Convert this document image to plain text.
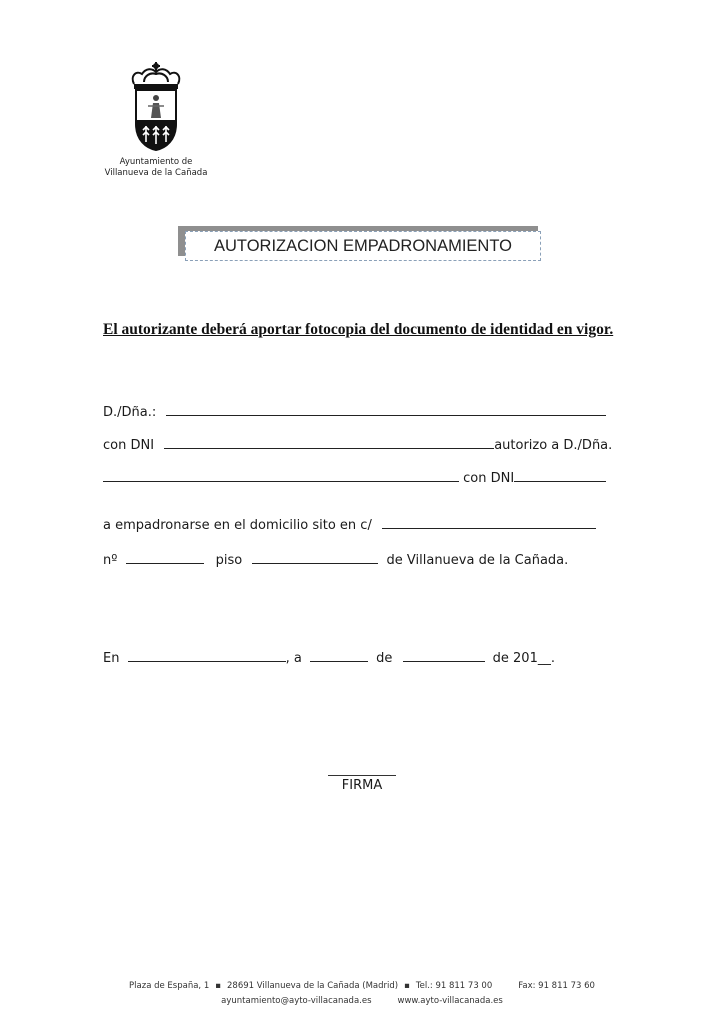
Ayuntamiento de
Villanueva de la Cañada
AUTORIZACION EMPADRONAMIENTO
El autorizante deberá aportar fotocopia del documento de identidad en vigor.
D./Dña.:
con DNI	autorizo a D./Dña.
con DNI
a empadronarse en el domicilio sito en c/
nº	piso	de Villanueva de la Cañada.
En	, a	de	de 201__.
FIRMA
Plaza de España, 1 ▪ 28691 Villanueva de la Cañada (Madrid) ▪ Tel.: 91 811 73 00	Fax: 91 811 73 60
ayuntamiento@ayto-villacanada.es	www.ayto-villacanada.es
